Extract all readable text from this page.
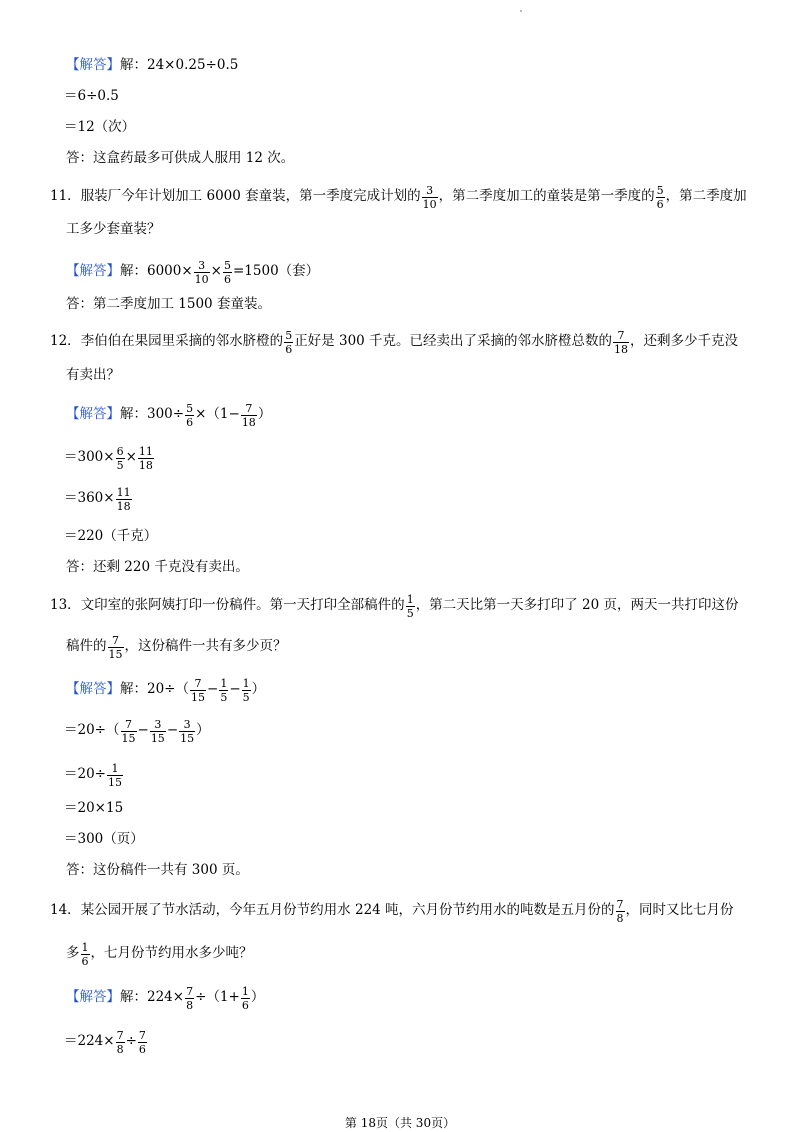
【解答】 解： 24×0.25÷0.5
＝6÷0.5
＝12（次）
答：这盒药最多可供成人服用 12 次。
11． 服装厂今年计划加工 6000 套童装，第一季度完成计划的 $\frac{3}{10}$ ，第二季度加工的童装是第一季度的 $\frac{5}{6}$ ，第二季度加
工多少套童装？
【解答】 解： $6000\times \frac{3}{10} \times \frac{5}{6} =1500$（套）
答：第二季度加工 1500 套童装。
12． 李伯伯在果园里采摘的邻水脐橙的 $\frac{5}{6}$ 正好是 300 千克。已经卖出了采摘的邻水脐橙总数的 $\frac{7}{18}$ ，还剩多少千克没
有卖出？
【解答】 解： $300\div \frac{5}{6} \times(1- \frac{7}{18}$ ）
$=300\times \frac{6}{5} \times \frac{11}{18}$
$=360\times \frac{11}{18}$
＝220（千克）
答：还剩 220 千克没有卖出。
13． 文印室的张阿姨打印一份稿件。第一天打印全部稿件的 $\frac{1}{5}$ ，第二天比第一天多打印了 20 页，两天一共打印这份
稿件的 $\frac{7}{15}$ ，这份稿件一共有多少页？
【解答】 解： $20\div( \frac{7}{15} - \frac{1}{5} - \frac{1}{5}$ ）
$=20\div( \frac{7}{15} - \frac{3}{15} - \frac{3}{15}$ ）
$=20\div \frac{1}{15}$
＝20×15
＝300（页）
答：这份稿件一共有 300 页。
14． 某公园开展了节水活动，今年五月份节约用水 224 吨，六月份节约用水的吨数是五月份的 $\frac{7}{8}$ ，同时又比七月份
多 $\frac{1}{6}$ ，七月份节约用水多少吨？
【解答】 解： $224\times \frac{7}{8} \div(1+ \frac{1}{6}$ ）
$=224\times \frac{7}{8} \div \frac{7}{6}$
第 18页（共 30页）
